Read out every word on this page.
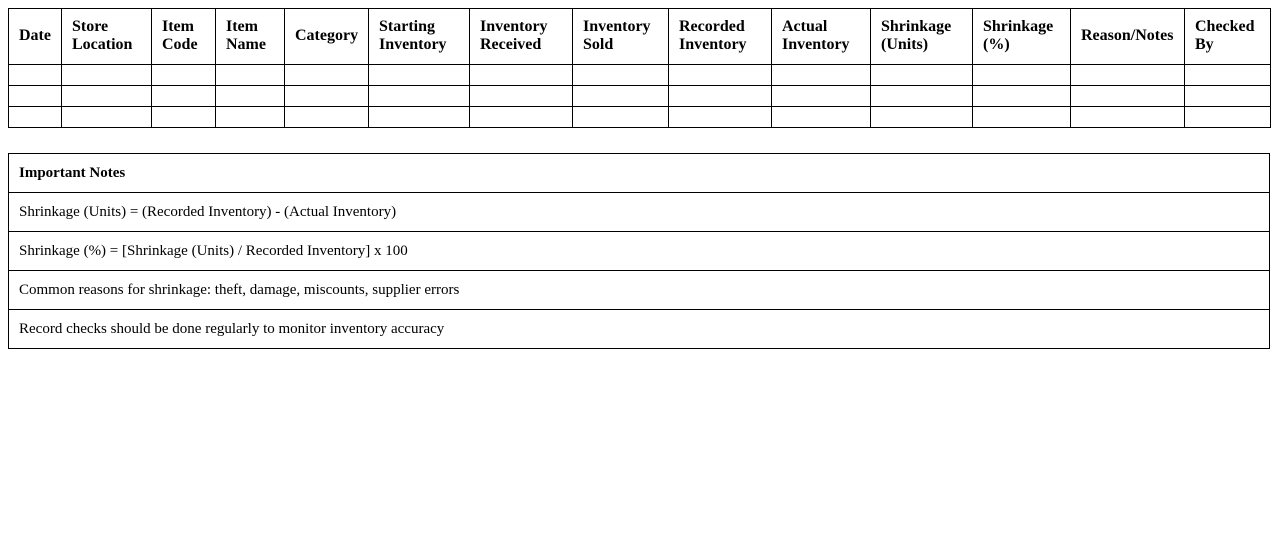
Date	Store Location	Item Code	Item Name	Category	Starting Inventory	Inventory Received	Inventory Sold	Recorded Inventory	Actual Inventory	Shrinkage (Units)	Shrinkage (%)	Reason/Notes	Checked By

Important Notes
Shrinkage (Units) = (Recorded Inventory) - (Actual Inventory)
Shrinkage (%) = [Shrinkage (Units) / Recorded Inventory] x 100
Common reasons for shrinkage: theft, damage, miscounts, supplier errors
Record checks should be done regularly to monitor inventory accuracy
